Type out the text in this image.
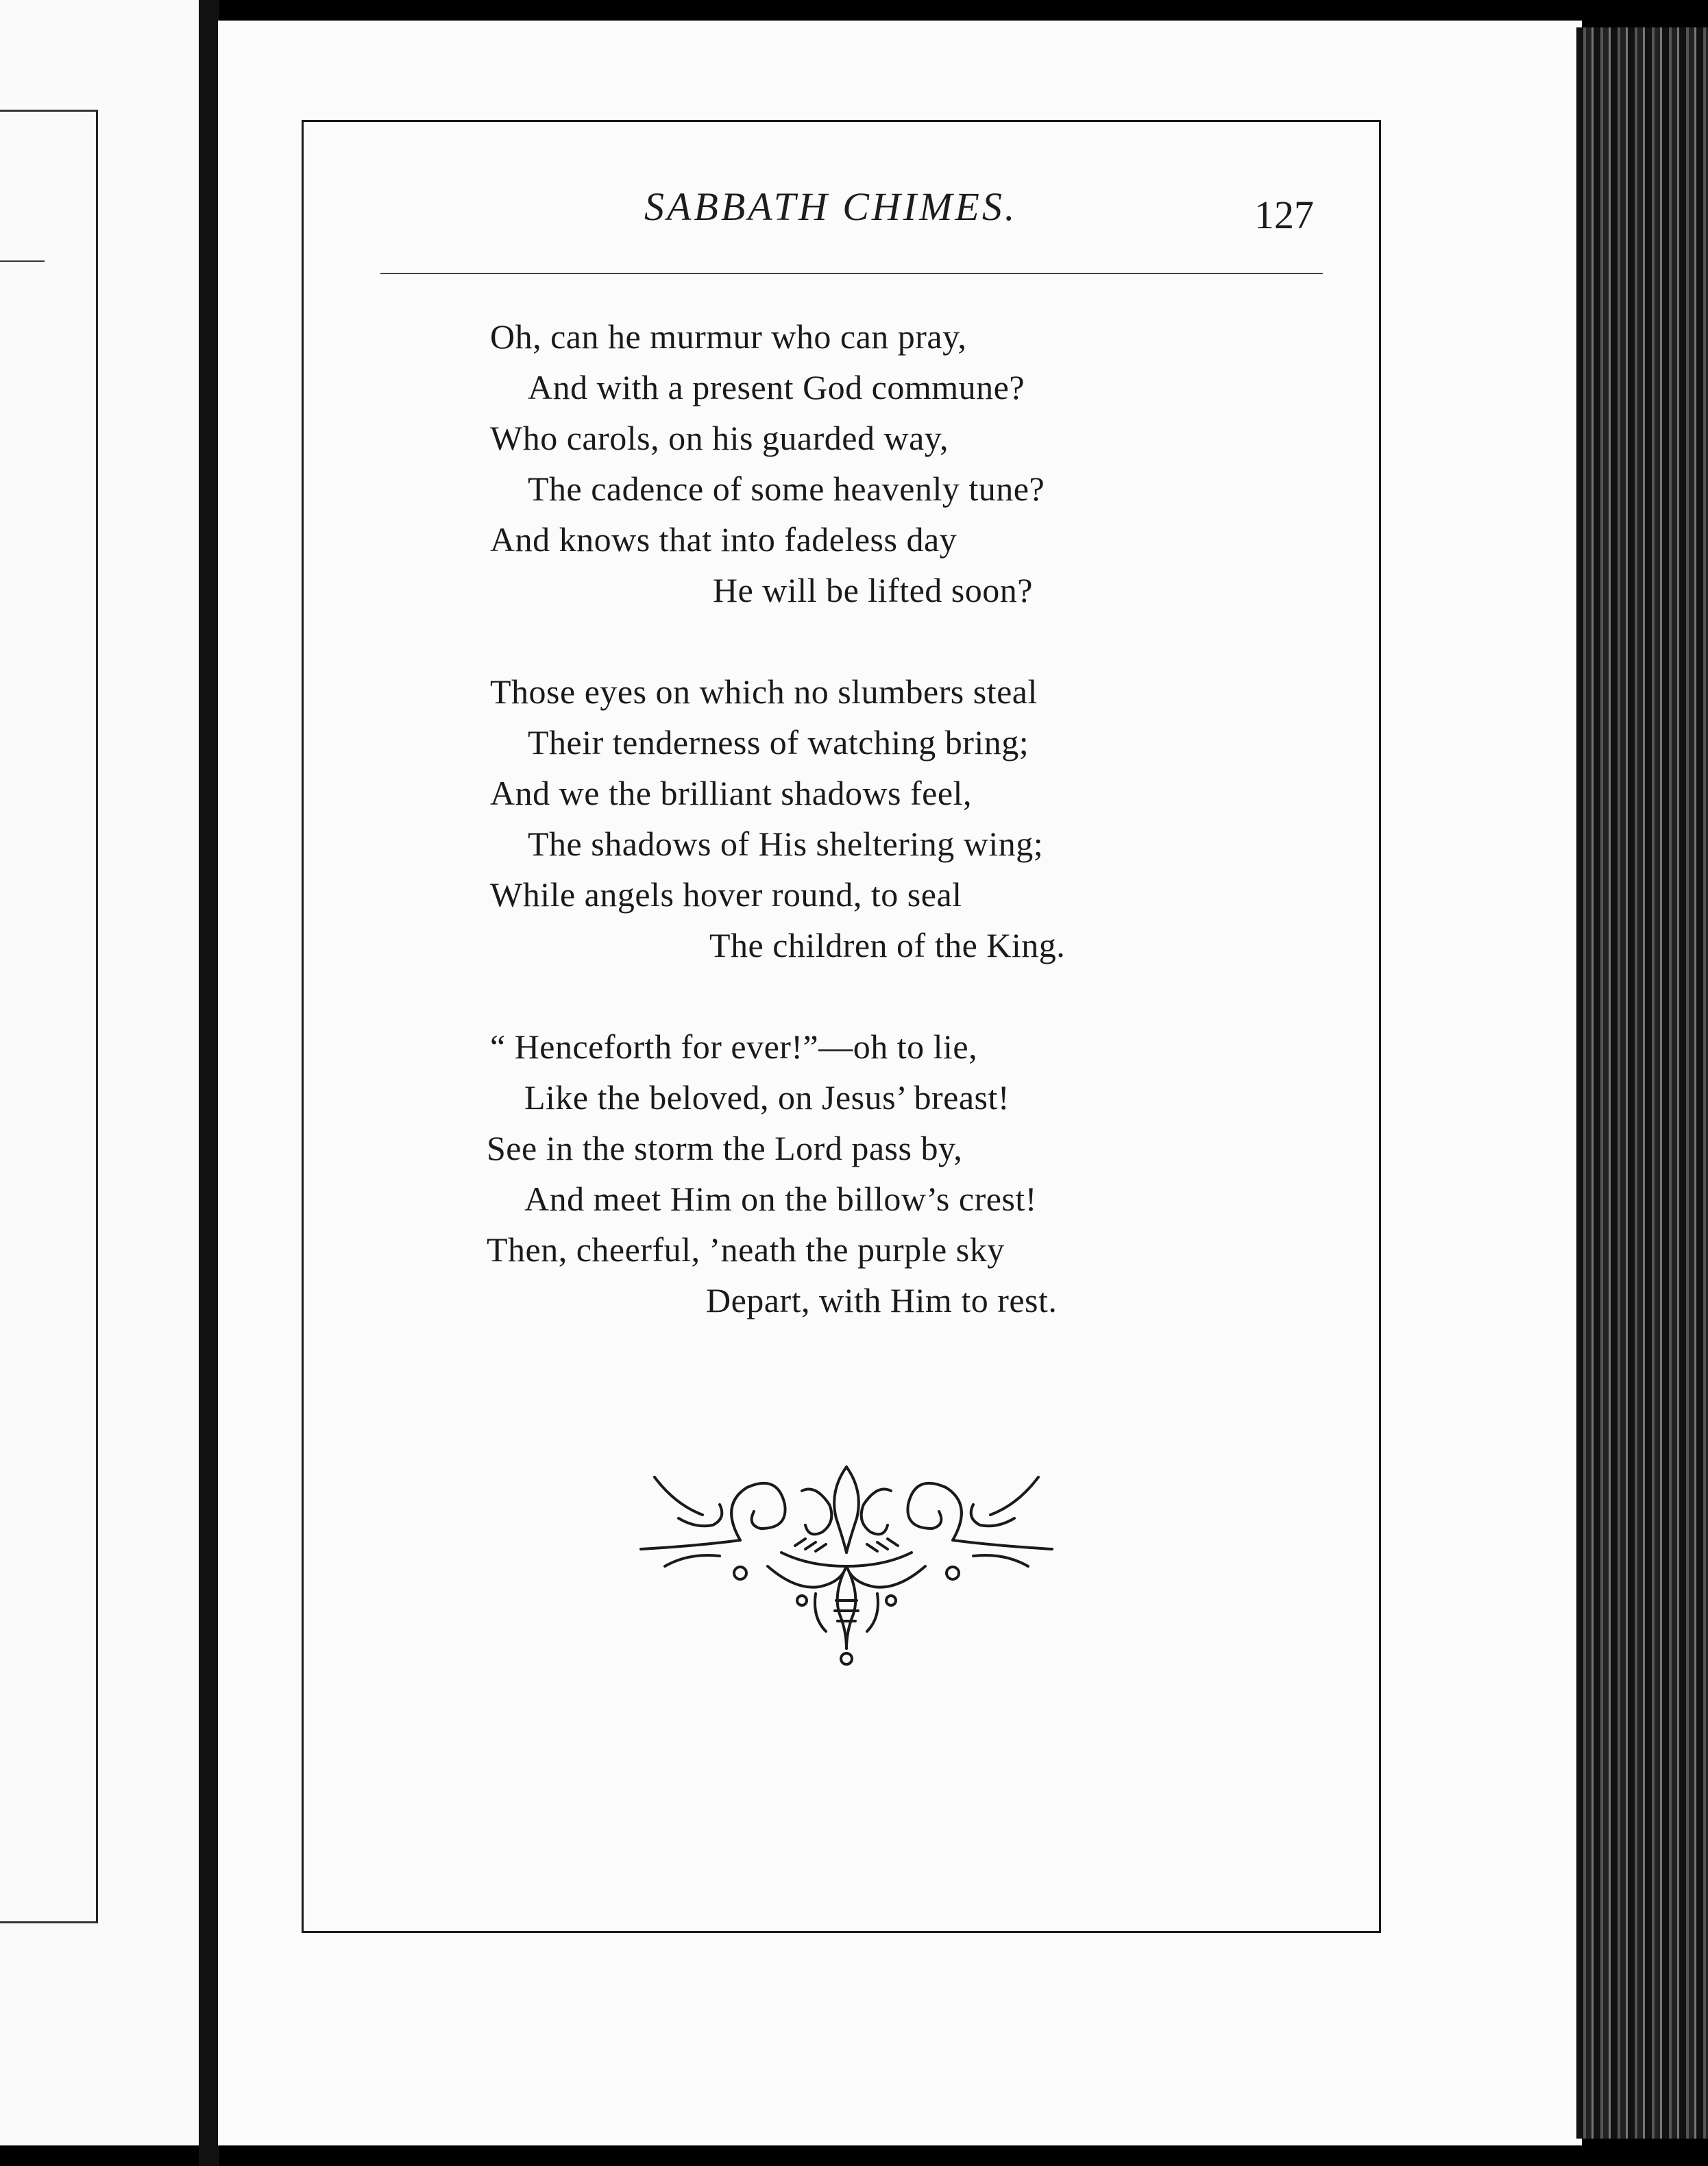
SABBATH CHIMES.	127
Oh, can he murmur who can pray,
And with a present God commune?
Who carols, on his guarded way,
The cadence of some heavenly tune?
And knows that into fadeless day
He will be lifted soon?
Those eyes on which no slumbers steal
Their tenderness of watching bring;
And we the brilliant shadows feel,
The shadows of His sheltering wing;
While angels hover round, to seal
The children of the King.
“ Henceforth for ever!”—oh to lie,
Like the beloved, on Jesus’ breast!
See in the storm the Lord pass by,
And meet Him on the billow’s crest!
Then, cheerful, ’neath the purple sky
Depart, with Him to rest.
